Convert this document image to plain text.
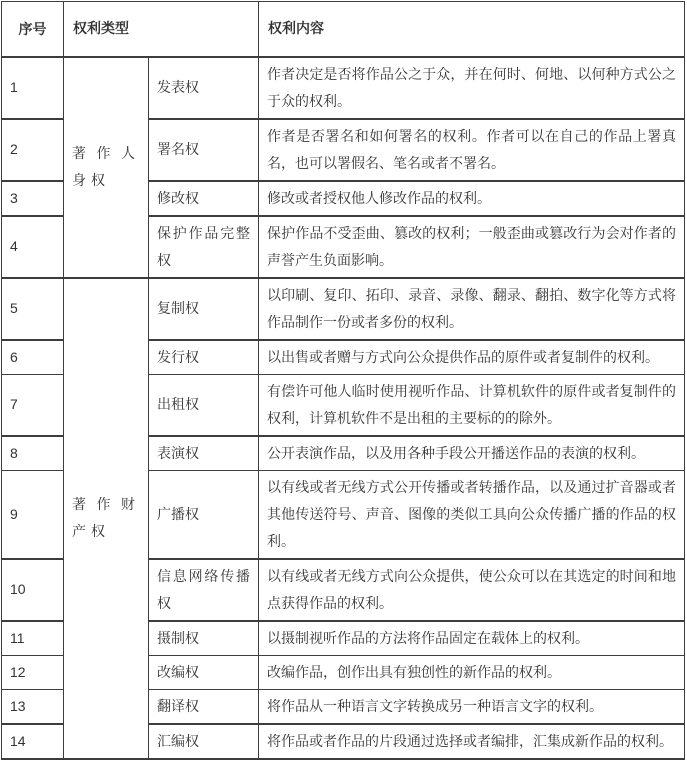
序号	权利类型		权利内容
1	著作人身权	发表权	作者决定是否将作品公之于众，并在何时、何地、以何种方式公之于众的权利。
2		署名权	作者是否署名和如何署名的权利。作者可以在自己的作品上署真名，也可以署假名、笔名或者不署名。
3		修改权	修改或者授权他人修改作品的权利。
4		保护作品完整权	保护作品不受歪曲、篡改的权利；一般歪曲或篡改行为会对作者的声誉产生负面影响。
5	著作财产权	复制权	以印刷、复印、拓印、录音、录像、翻录、翻拍、数字化等方式将作品制作一份或者多份的权利。
6		发行权	以出售或者赠与方式向公众提供作品的原件或者复制件的权利。
7		出租权	有偿许可他人临时使用视听作品、计算机软件的原件或者复制件的权利，计算机软件不是出租的主要标的的除外。
8		表演权	公开表演作品，以及用各种手段公开播送作品的表演的权利。
9		广播权	以有线或者无线方式公开传播或者转播作品，以及通过扩音器或者其他传送符号、声音、图像的类似工具向公众传播广播的作品的权利。
10		信息网络传播权	以有线或者无线方式向公众提供，使公众可以在其选定的时间和地点获得作品的权利。
11		摄制权	以摄制视听作品的方法将作品固定在载体上的权利。
12		改编权	改编作品，创作出具有独创性的新作品的权利。
13		翻译权	将作品从一种语言文字转换成另一种语言文字的权利。
14		汇编权	将作品或者作品的片段通过选择或者编排，汇集成新作品的权利。
